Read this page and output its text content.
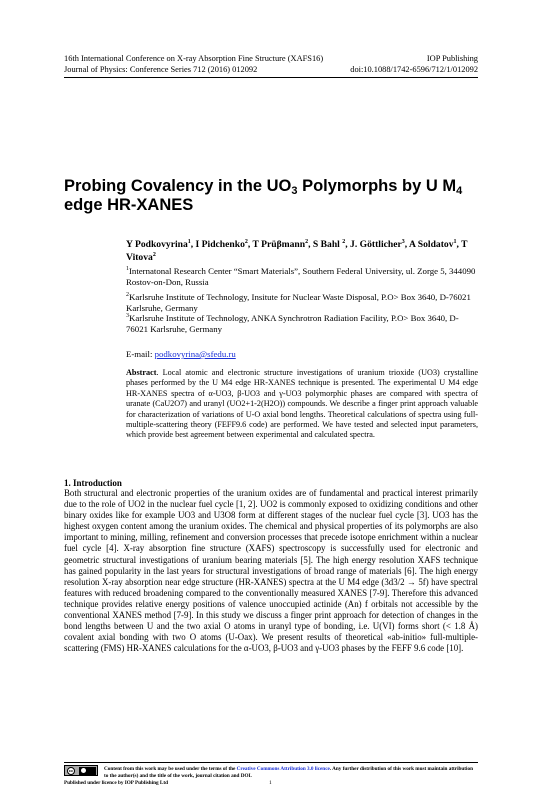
16th International Conference on X-ray Absorption Fine Structure (XAFS16)	IOP Publishing
Journal of Physics: Conference Series 712 (2016) 012092	doi:10.1088/1742-6596/712/1/012092
Probing Covalency in the $UO_3$ Polymorphs by U $M_4$ edge HR-XANES
Y Podkovyrina$^1$, I Pidchenko$^2$, T Prüβmann$^2$, S Bahl $^2$, J. Göttlicher$^3$, A Soldatov$^1$, T Vitova$^2$
$^1$Internatonal Research Center “Smart Materials”, Southern Federal University, ul. Zorge 5, 344090 Rostov-on-Don, Russia
$^2$Karlsruhe Institute of Technology, Insitute for Nuclear Waste Disposal, P.O> Box 3640, D-76021 Karlsruhe, Germany
$^3$Karlsruhe Institute of Technology, ANKA Synchrotron Radiation Facility, P.O> Box 3640, D-76021 Karlsruhe, Germany
E-mail: podkovyrina@sfedu.ru
Abstract. Local atomic and electronic structure investigations of uranium trioxide (UO3) crystalline phases performed by the U M4 edge HR-XANES technique is presented. The experimental U M4 edge HR-XANES spectra of α-UO3, β-UO3 and γ-UO3 polymorphic phases are compared with spectra of uranate (CaU2O7) and uranyl (UO2+1-2(H2O)) compounds. We describe a finger print approach valuable for characterization of variations of U-O axial bond lengths. Theoretical calculations of spectra using full-multiple-scattering theory (FEFF9.6 code) are performed. We have tested and selected input parameters, which provide best agreement between experimental and calculated spectra.
1. Introduction
Both structural and electronic properties of the uranium oxides are of fundamental and practical interest primarily due to the role of UO2 in the nuclear fuel cycle [1, 2]. UO2 is commonly exposed to oxidizing conditions and other binary oxides like for example UO3 and U3O8 form at different stages of the nuclear fuel cycle [3]. UO3 has the highest oxygen content among the uranium oxides. The chemical and physical properties of its polymorphs are also important to mining, milling, refinement and conversion processes that precede isotope enrichment within a nuclear fuel cycle [4]. X-ray absorption fine structure (XAFS) spectroscopy is successfully used for electronic and geometric structural investigations of uranium bearing materials [5]. The high energy resolution XAFS technique has gained popularity in the last years for structural investigations of broad range of materials [6]. The high energy resolution X-ray absorption near edge structure (HR-XANES) spectra at the U M4 edge (3d3/2 → 5f) have spectral features with reduced broadening compared to the conventionally measured XANES [7-9]. Therefore this advanced technique provides relative energy positions of valence unoccupied actinide (An) f orbitals not accessible by the conventional XANES method [7-9]. In this study we discuss a finger print approach for detection of changes in the bond lengths between U and the two axial O atoms in uranyl type of bonding, i.e. U(VI) forms short (< 1.8 Å) covalent axial bonding with two O atoms (U-Oax). We present results of theoretical «ab-initio» full-multiple-scattering (FMS) HR-XANES calculations for the α-UO3, β-UO3 and γ-UO3 phases by the FEFF 9.6 code [10].
cc	Content from this work may be used under the terms of the Creative Commons Attribution 3.0 licence. Any further distribution of this work must maintain attribution to the author(s) and the title of the work, journal citation and DOI.
Published under licence by IOP Publishing Ltd	1
